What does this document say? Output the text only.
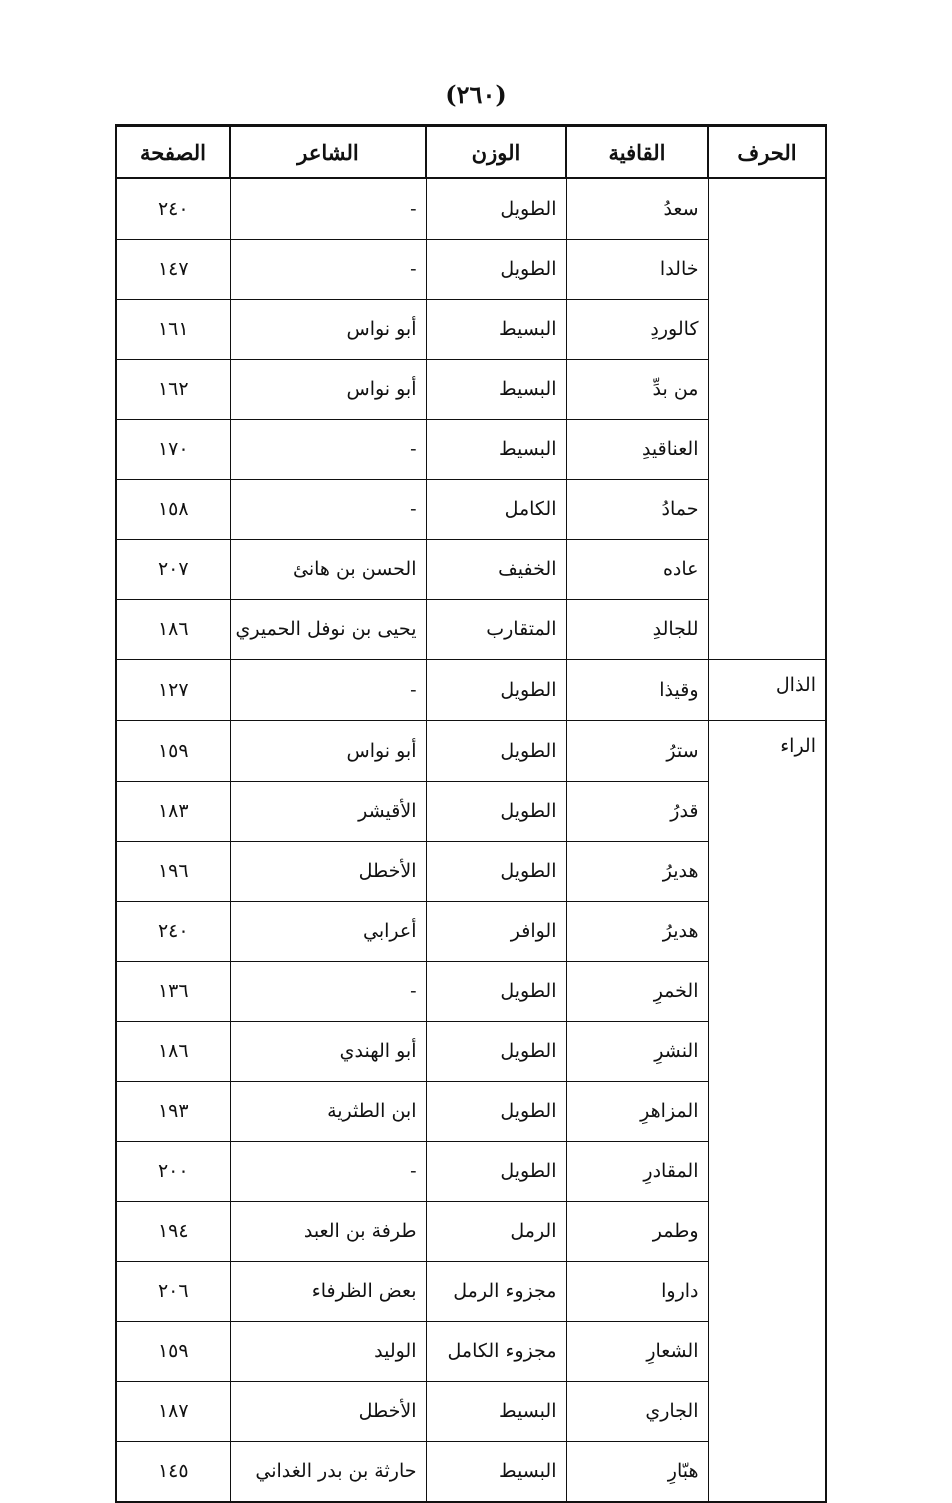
(٢٦٠)
الحرف	القافية	الوزن	الشاعر	الصفحة
	سعدُ	الطويل	-	٢٤٠
	خالدا	الطويل	-	١٤٧
	كالوردِ	البسيط	أبو نواس	١٦١
	من بدِّ	البسيط	أبو نواس	١٦٢
	العناقيدِ	البسيط	-	١٧٠
	حمادُ	الكامل	-	١٥٨
	عاده	الخفيف	الحسن بن هانئ	٢٠٧
	للجالدِ	المتقارب	يحيى بن نوفل الحميري	١٨٦
الذال	وقيذا	الطويل	-	١٢٧
الراء	سترُ	الطويل	أبو نواس	١٥٩
	قدرُ	الطويل	الأقيشر	١٨٣
	هديرُ	الطويل	الأخطل	١٩٦
	هديرُ	الوافر	أعرابي	٢٤٠
	الخمرِ	الطويل	-	١٣٦
	النشرِ	الطويل	أبو الهندي	١٨٦
	المزاهرِ	الطويل	ابن الطثرية	١٩٣
	المقادرِ	الطويل	-	٢٠٠
	وطمر	الرمل	طرفة بن العبد	١٩٤
	داروا	مجزوء الرمل	بعض الظرفاء	٢٠٦
	الشعارِ	مجزوء الكامل	الوليد	١٥٩
	الجاري	البسيط	الأخطل	١٨٧
	هبّارِ	البسيط	حارثة بن بدر الغداني	١٤٥
